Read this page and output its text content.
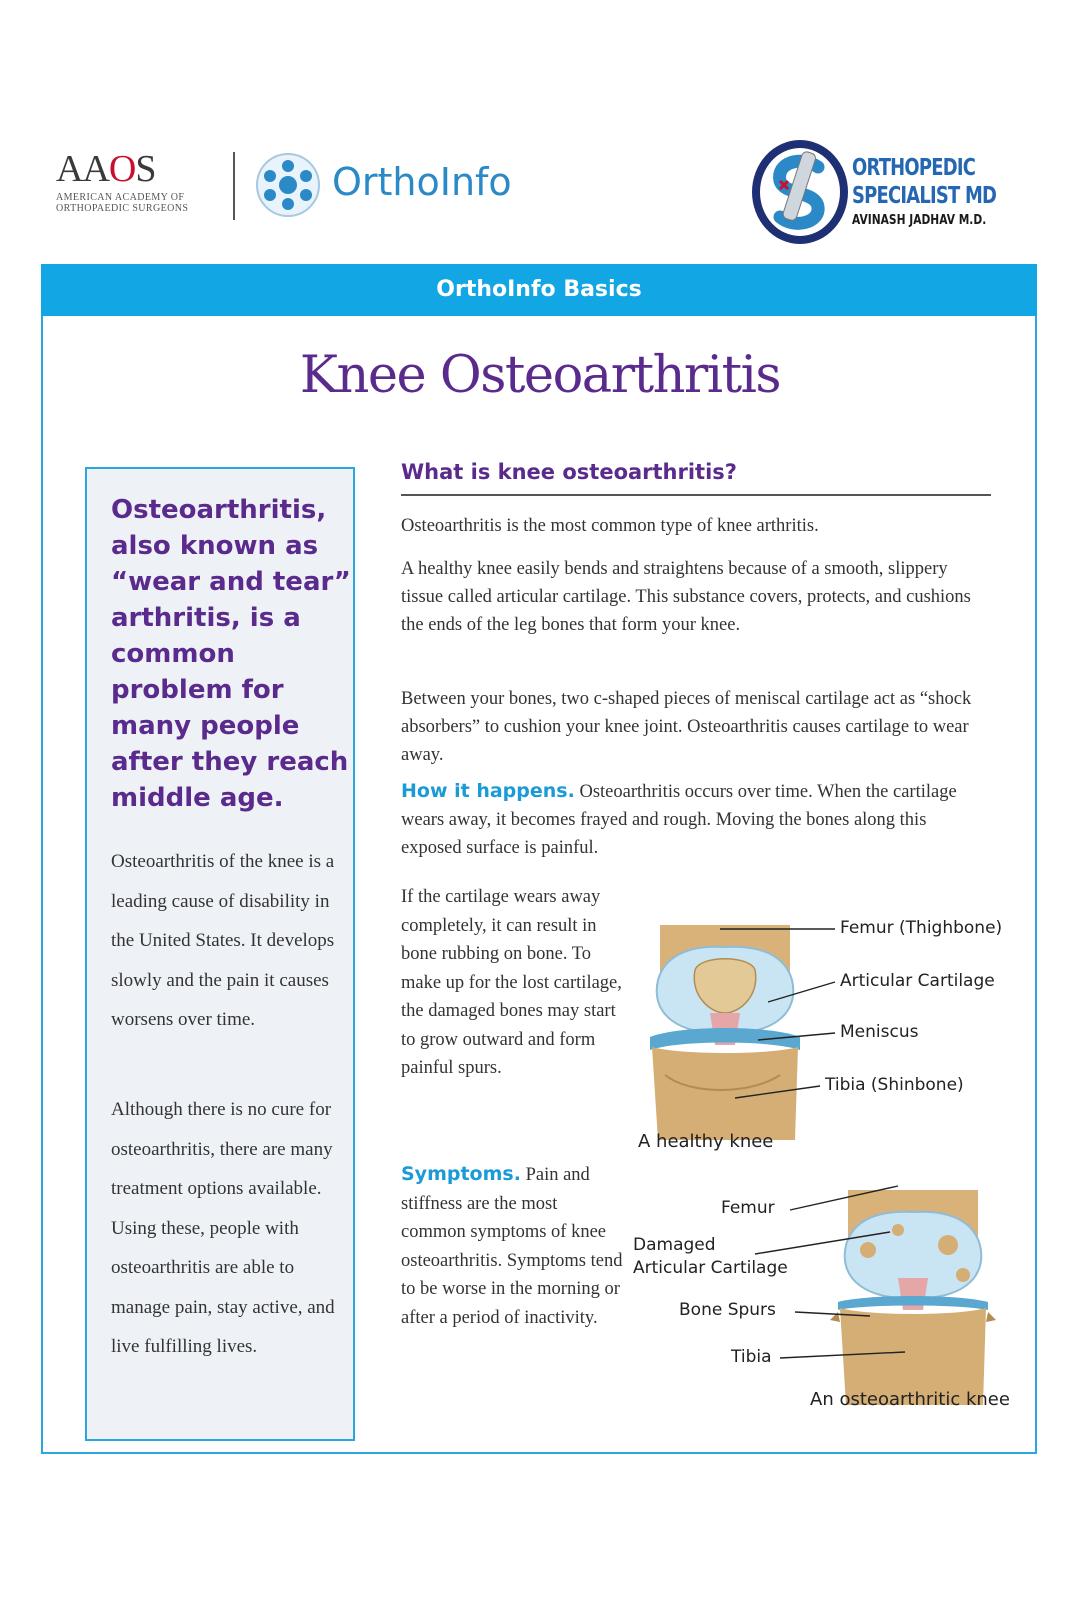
AAOS
AMERICAN ACADEMY OF
ORTHOPAEDIC SURGEONS
OrthoInfo	ORTHOPEDIC
SPECIALIST MD
AVINASH JADHAV M.D.
OrthoInfo Basics
Knee Osteoarthritis
Osteoarthritis, also known as “wear and tear” arthritis, is a common problem for many people after they reach middle age.
Osteoarthritis of the knee is a leading cause of disability in the United States. It develops slowly and the pain it causes worsens over time.
Although there is no cure for osteoarthritis, there are many treatment options available. Using these, people with osteoarthritis are able to manage pain, stay active, and live fulfilling lives.
What is knee osteoarthritis?
Osteoarthritis is the most common type of knee arthritis.
A healthy knee easily bends and straightens because of a smooth, slippery tissue called articular cartilage. This substance covers, protects, and cushions the ends of the leg bones that form your knee.
Between your bones, two c-shaped pieces of meniscal cartilage act as “shock absorbers” to cushion your knee joint. Osteoarthritis causes cartilage to wear away.
How it happens. Osteoarthritis occurs over time. When the cartilage wears away, it becomes frayed and rough. Moving the bones along this exposed surface is painful.
If the cartilage wears away completely, it can result in bone rubbing on bone. To make up for the lost cartilage, the damaged bones may start to grow outward and form painful spurs.
Symptoms. Pain and stiffness are the most common symptoms of knee osteoarthritis. Symptoms tend to be worse in the morning or after a period of inactivity.
Femur (Thighbone)
Articular Cartilage
Meniscus
Tibia (Shinbone)
A healthy knee
Femur
Damaged
Articular Cartilage
Bone Spurs
Tibia
An osteoarthritic knee
